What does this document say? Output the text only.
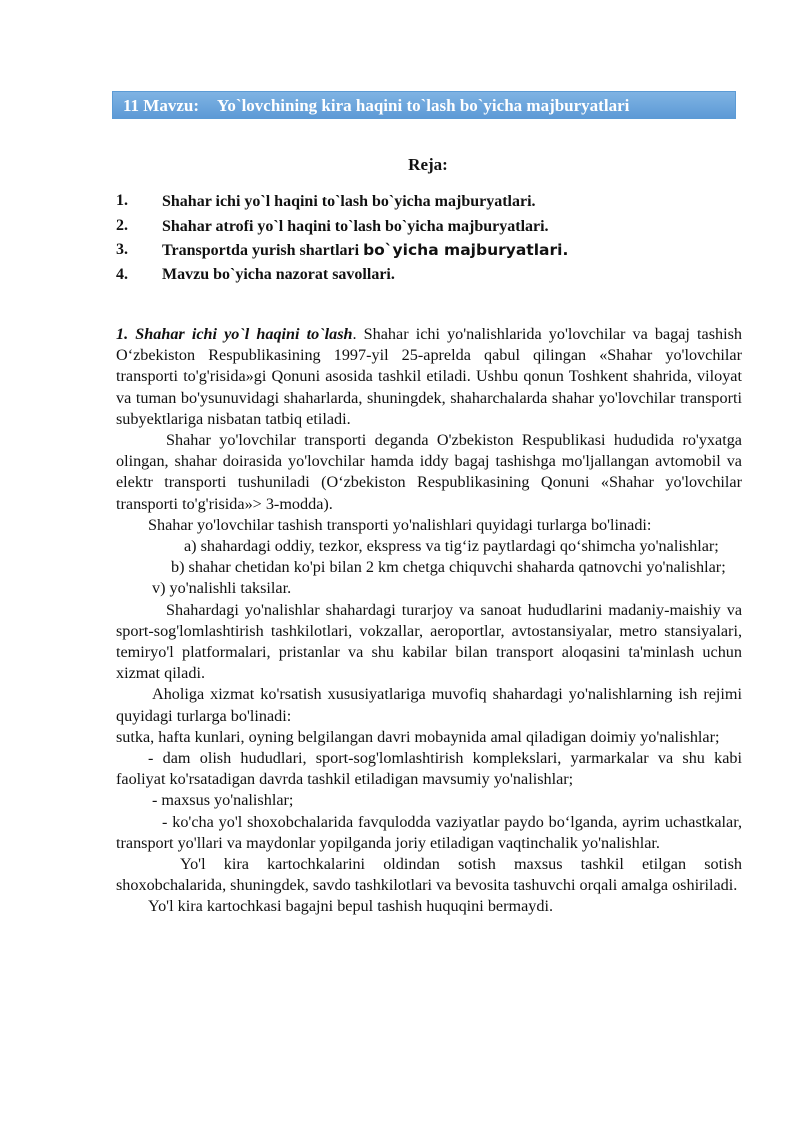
11 Mavzu: Yo`lovchining kira haqini to`lash bo`yicha majburyatlari
Reja:
1. Shahar ichi yo`l haqini to`lash bo`yicha majburyatlari.
2. Shahar atrofi yo`l haqini to`lash bo`yicha majburyatlari.
3. Transportda yurish shartlari bo`yicha majburyatlari.
4. Mavzu bo`yicha nazorat savollari.

1. Shahar ichi yo`l haqini to`lash. Shahar ichi yo'nalishlarida yo'lovchilar va bagaj tashish O‘zbekiston Respublikasining 1997-yil 25-aprelda qabul qilingan «Shahar yo'lovchilar transporti to'g'risida»gi Qonuni asosida tashkil etiladi. Ushbu qonun Toshkent shahrida, viloyat va tuman bo'ysunuvidagi shaharlarda, shuningdek, shaharchalarda shahar yo'lovchilar transporti subyektlariga nisbatan tatbiq etiladi.

Shahar yo'lovchilar transporti deganda O'zbekiston Respublikasi hududida ro'yxatga olingan, shahar doirasida yo'lovchilar hamda iddy bagaj tashishga mo'ljallangan avtomobil va elektr transporti tushuniladi (O‘zbekiston Respublikasining Qonuni «Shahar yo'lovchilar transporti to'g'risida»> 3-modda).

Shahar yo'lovchilar tashish transporti yo'nalishlari quyidagi turlarga bo'linadi:

a) shahardagi oddiy, tezkor, ekspress va tig‘iz paytlardagi qo‘shimcha yo'nalishlar;

b) shahar chetidan ko'pi bilan 2 km chetga chiquvchi shaharda qatnovchi yo'nalishlar;

v) yo'nalishli taksilar.

Shahardagi yo'nalishlar shahardagi turarjoy va sanoat hududlarini madaniy-maishiy va sport-sog'lomlashtirish tashkilotlari, vokzallar, aeroportlar, avtostansiyalar, metro stansiyalari, temiryo'l platformalari, pristanlar va shu kabilar bilan transport aloqasini ta'minlash uchun xizmat qiladi.

Aholiga xizmat ko'rsatish xususiyatlariga muvofiq shahardagi yo'nalishlarning ish rejimi quyidagi turlarga bo'linadi:

sutka, hafta kunlari, oyning belgilangan davri mobaynida amal qiladigan doimiy yo'nalishlar;

- dam olish hududlari, sport-sog'lomlashtirish komplekslari, yarmarkalar va shu kabi faoliyat ko'rsatadigan davrda tashkil etiladigan mavsumiy yo'nalishlar;

- maxsus yo'nalishlar;

- ko'cha yo'l shoxobchalarida favqulodda vaziyatlar paydo bo‘lganda, ayrim uchastkalar, transport yo'llari va maydonlar yopilganda joriy etiladigan vaqtinchalik yo'nalishlar.

Yo'l kira kartochkalarini oldindan sotish maxsus tashkil etilgan sotish shoxobchalarida, shuningdek, savdo tashkilotlari va bevosita tashuvchi orqali amalga oshiriladi.

Yo'l kira kartochkasi bagajni bepul tashish huquqini bermaydi.
